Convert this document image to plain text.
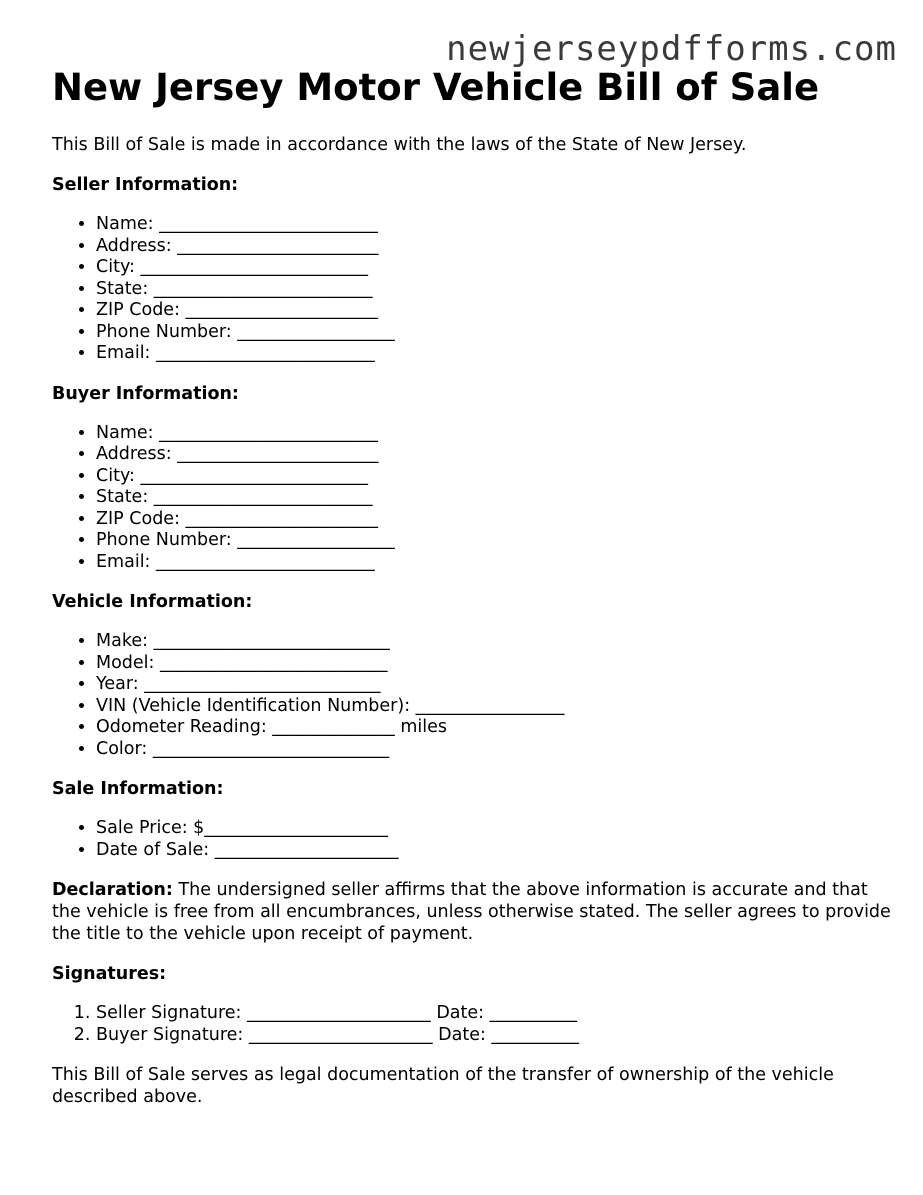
newjerseypdfforms.com
New Jersey Motor Vehicle Bill of Sale

This Bill of Sale is made in accordance with the laws of the State of New Jersey.

Seller Information:

• Name: _________________________
• Address: _______________________
• City: __________________________
• State: _________________________
• ZIP Code: ______________________
• Phone Number: __________________
• Email: _________________________

Buyer Information:

• Name: _________________________
• Address: _______________________
• City: __________________________
• State: _________________________
• ZIP Code: ______________________
• Phone Number: __________________
• Email: _________________________

Vehicle Information:

• Make: ___________________________
• Model: __________________________
• Year: ___________________________
• VIN (Vehicle Identification Number): _________________
• Odometer Reading: ______________ miles
• Color: ___________________________

Sale Information:

• Sale Price: $_____________________
• Date of Sale: _____________________

Declaration: The undersigned seller affirms that the above information is accurate and that the vehicle is free from all encumbrances, unless otherwise stated. The seller agrees to provide the title to the vehicle upon receipt of payment.

Signatures:

1. Seller Signature: _____________________ Date: __________
2. Buyer Signature: _____________________ Date: __________

This Bill of Sale serves as legal documentation of the transfer of ownership of the vehicle described above.
